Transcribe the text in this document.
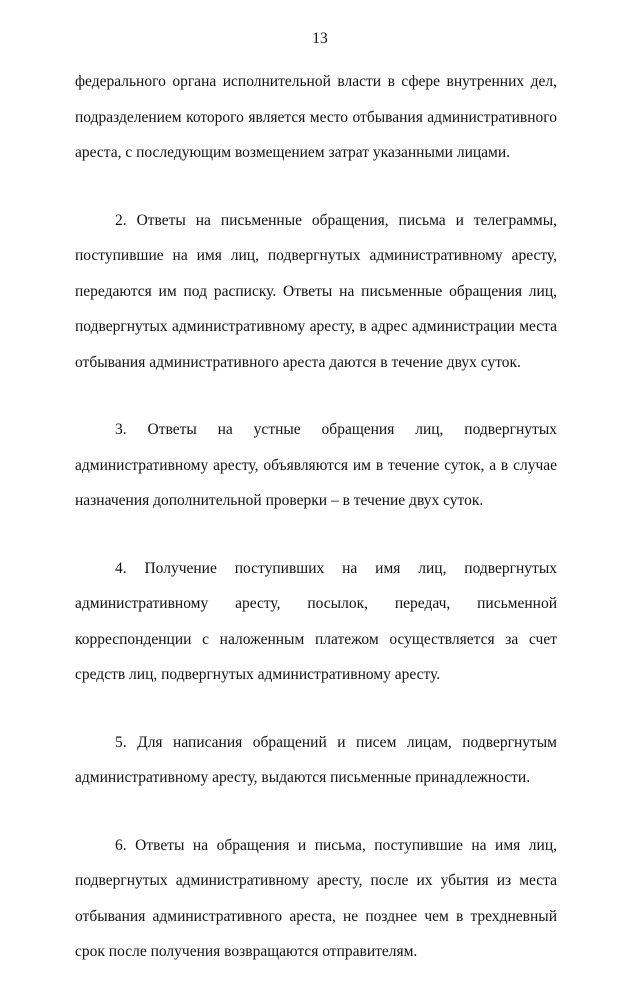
13

федерального органа исполнительной власти в сфере внутренних дел, подразделением которого является место отбывания административного ареста, с последующим возмещением затрат указанными лицами.

2. Ответы на письменные обращения, письма и телеграммы, поступившие на имя лиц, подвергнутых административному аресту, передаются им под расписку. Ответы на письменные обращения лиц, подвергнутых административному аресту, в адрес администрации места отбывания административного ареста даются в течение двух суток.

3. Ответы на устные обращения лиц, подвергнутых административному аресту, объявляются им в течение суток, а в случае назначения дополнительной проверки – в течение двух суток.

4. Получение поступивших на имя лиц, подвергнутых административному аресту, посылок, передач, письменной корреспонденции с наложенным платежом осуществляется за счет средств лиц, подвергнутых административному аресту.

5. Для написания обращений и писем лицам, подвергнутым административному аресту, выдаются письменные принадлежности.

6. Ответы на обращения и письма, поступившие на имя лиц, подвергнутых административному аресту, после их убытия из места отбывания административного ареста, не позднее чем в трехдневный срок после получения возвращаются отправителям.
